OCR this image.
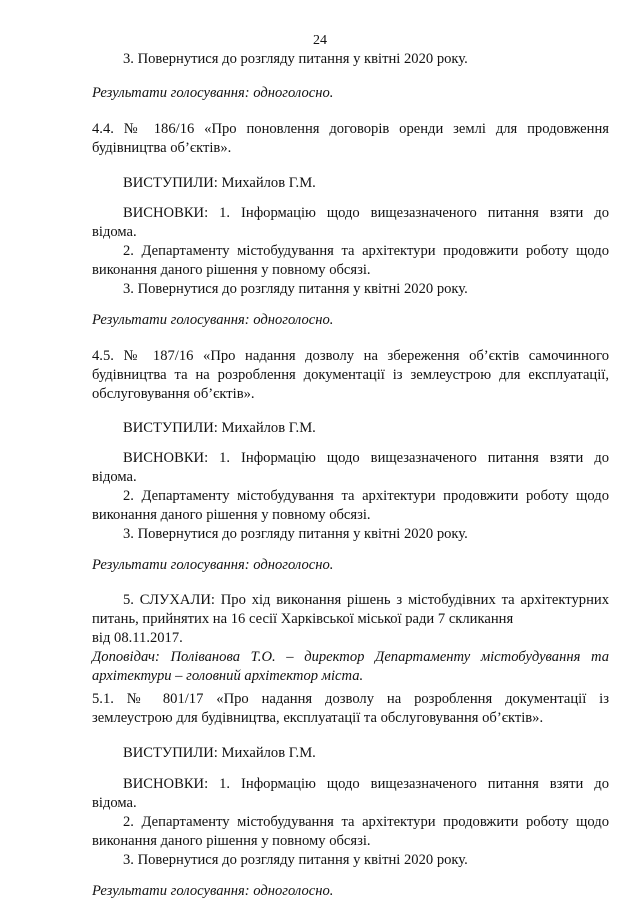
24

3. Повернутися до розгляду питання у квітні 2020 року.

Результати голосування: одноголосно.

4.4. № 186/16 «Про поновлення договорів оренди землі для продовження

будівництва об’єктів».

ВИСТУПИЛИ: Михайлов Г.М.

ВИСНОВКИ: 1. Інформацію щодо вищезазначеного питання взяти до

відома.

2. Департаменту містобудування та архітектури продовжити роботу щодо

виконання даного рішення у повному обсязі.

3. Повернутися до розгляду питання у квітні 2020 року.

Результати голосування: одноголосно.

4.5. № 187/16 «Про надання дозволу на збереження об’єктів самочинного

будівництва та на розроблення документації із землеустрою для експлуатації,

обслуговування об’єктів».

ВИСТУПИЛИ: Михайлов Г.М.

ВИСНОВКИ: 1. Інформацію щодо вищезазначеного питання взяти до

відома.

2. Департаменту містобудування та архітектури продовжити роботу щодо

виконання даного рішення у повному обсязі.

3. Повернутися до розгляду питання у квітні 2020 року.

Результати голосування: одноголосно.

5. СЛУХАЛИ: Про хід виконання рішень з містобудівних та архітектурних

питань, прийнятих на 16 сесії Харківської міської ради 7 скликання

від 08.11.2017.

Доповідач: Поліванова Т.О. – директор Департаменту містобудування та

архітектури – головний архітектор міста.

5.1. № 801/17 «Про надання дозволу на розроблення документації із

землеустрою для будівництва, експлуатації та обслуговування об’єктів».

ВИСТУПИЛИ: Михайлов Г.М.

ВИСНОВКИ: 1. Інформацію щодо вищезазначеного питання взяти до

відома.

2. Департаменту містобудування та архітектури продовжити роботу щодо

виконання даного рішення у повному обсязі.

3. Повернутися до розгляду питання у квітні 2020 року.

Результати голосування: одноголосно.
